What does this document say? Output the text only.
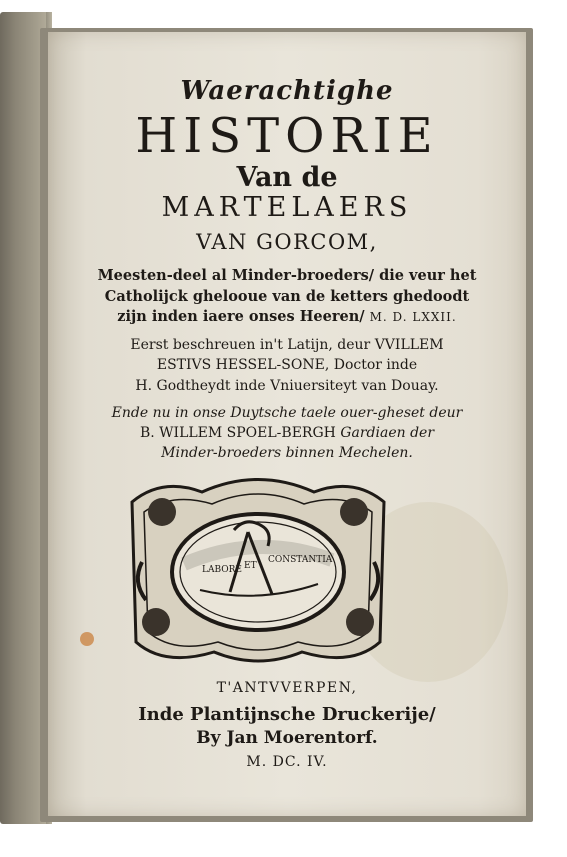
Waerachtighe
HISTORIE
Van de
MARTELAERS
VAN GORCOM,
Meesten-deel al Minder-broeders/ die veur het
Catholijck ghelooue van de ketters ghedoodt
zijn inden iaere onses Heeren/ M. D. LXXII.
Eerst beschreuen in't Latijn, deur VVILLEM
ESTIVS HESSEL-SONE, Doctor inde
H. Godtheydt inde Vniuersiteyt van Douay.
Ende nu in onse Duytsche taele ouer-gheset deur
B. WILLEM SPOEL-BERGH Gardiaen der
Minder-broeders binnen Mechelen.
LABORE ET
CONSTANTIA
T'ANTVVERPEN,
Inde Plantijnsche Druckerije/
By Jan Moerentorf.
M. DC. IV.
